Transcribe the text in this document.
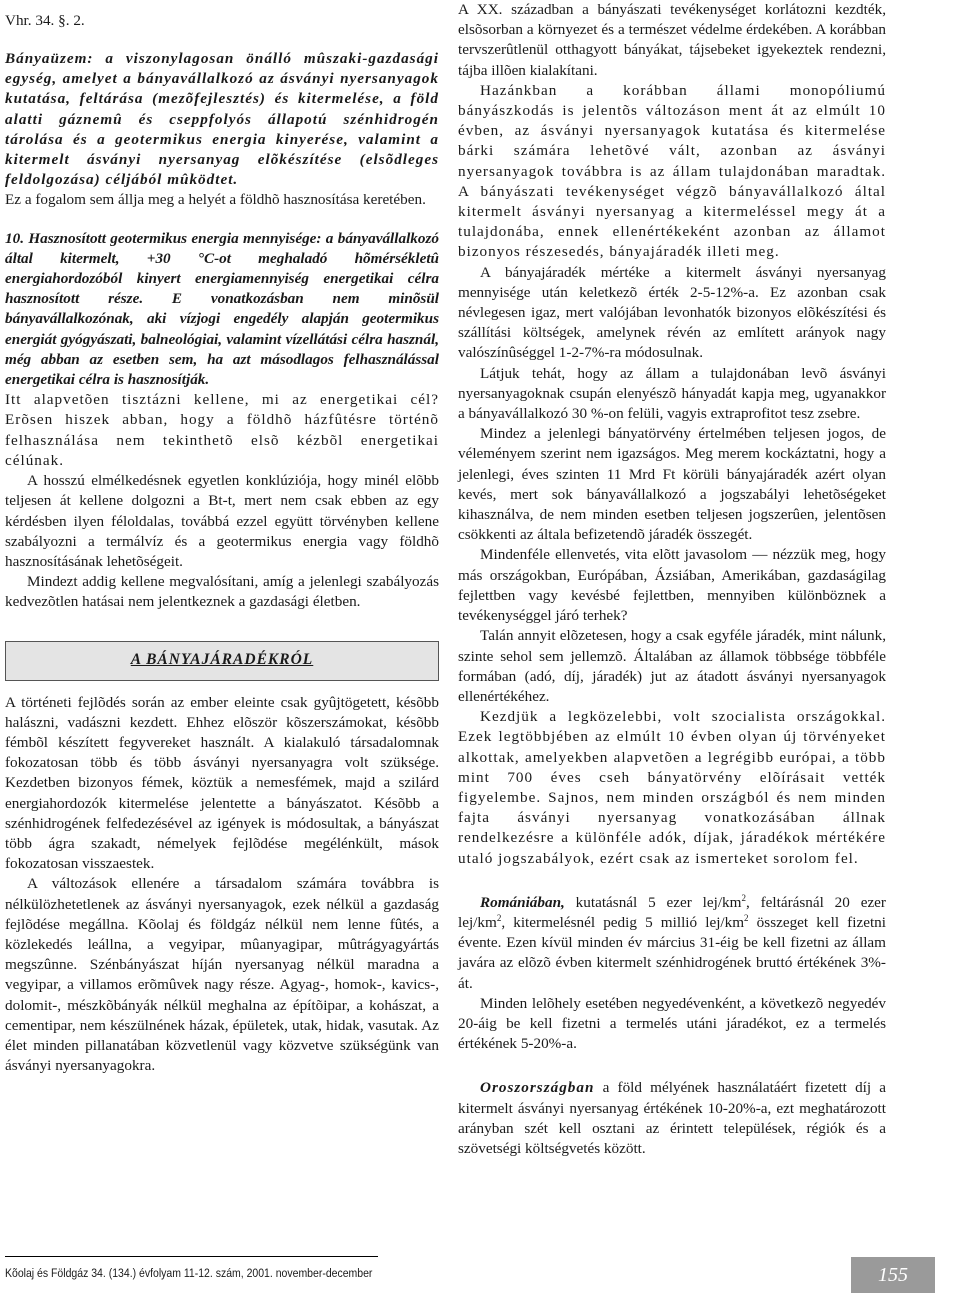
Vhr. 34. §. 2.

Bányaüzem: a viszonylagosan önálló mûszaki-gazdasági egység, amelyet a bányavállalkozó az ásványi nyersanyagok kutatása, feltárása (mezõfejlesztés) és kitermelése, a föld alatti gáznemû és cseppfolyós állapotú szénhidrogén tárolása és a geotermikus energia kinyerése, valamint a kitermelt ásványi nyersanyag elõkészítése (elsõdleges feldolgozása) céljából mûködtet.

Ez a fogalom sem állja meg a helyét a földhõ hasznosítása keretében.

10. Hasznosított geotermikus energia mennyisége: a bányavállalkozó által kitermelt, +30 °C-ot meghaladó hõmérsékletû energiahordozóból kinyert energiamennyiség energetikai célra hasznosított része. E vonatkozásban nem minõsül bányavállalkozónak, aki vízjogi engedély alapján geotermikus energiát gyógyászati, balneológiai, valamint vízellátási célra használ, még abban az esetben sem, ha azt másodlagos felhasználással energetikai célra is hasznosítják.

Itt alapvetõen tisztázni kellene, mi az energetikai cél? Erõsen hiszek abban, hogy a földhõ házfûtésre történõ felhasználása nem tekinthetõ elsõ kézbõl energetikai célúnak.

A hosszú elmélkedésnek egyetlen konklúziója, hogy minél elõbb teljesen át kellene dolgozni a Bt-t, mert nem csak ebben az egy kérdésben ilyen féloldalas, továbbá ezzel együtt törvényben kellene szabályozni a termálvíz és a geotermikus energia vagy földhõ hasznosításának lehetõségeit.

Mindezt addig kellene megvalósítani, amíg a jelenlegi szabályozás kedvezõtlen hatásai nem jelentkeznek a gazdasági életben.

A BÁNYAJÁRADÉKRÓL

A történeti fejlõdés során az ember eleinte csak gyûjtögetett, késõbb halászni, vadászni kezdett. Ehhez elõször kõszerszámokat, késõbb fémbõl készített fegyvereket használt. A kialakuló társadalomnak fokozatosan több és több ásványi nyersanyagra volt szüksége. Kezdetben bizonyos fémek, köztük a nemesfémek, majd a szilárd energiahordozók kitermelése jelentette a bányászatot. Késõbb a szénhidrogének felfedezésével az igények is módosultak, a bányászat több ágra szakadt, némelyek fejlõdése megélénkült, mások fokozatosan visszaestek.

A változások ellenére a társadalom számára továbbra is nélkülözhetetlenek az ásványi nyersanyagok, ezek nélkül a gazdaság fejlõdése megállna. Kõolaj és földgáz nélkül nem lenne fûtés, a közlekedés leállna, a vegyipar, mûanyagipar, mûtrágyagyártás megszûnne. Szénbányászat híján nyersanyag nélkül maradna a vegyipar, a villamos erõmûvek nagy része. Agyag-, homok-, kavics-, dolomit-, mészkõbányák nélkül meghalna az építõipar, a kohászat, a cementipar, nem készülnének házak, épületek, utak, hidak, vasutak. Az élet minden pillanatában közvetlenül vagy közvetve szükségünk van ásványi nyersanyagokra.

A XX. században a bányászati tevékenységet korlátozni kezdték, elsõsorban a környezet és a természet védelme érdekében. A korábban tervszerûtlenül otthagyott bányákat, tájsebeket igyekeztek rendezni, tájba illõen kialakítani.

Hazánkban a korábban állami monopóliumú bányászkodás is jelentõs változáson ment át az elmúlt 10 évben, az ásványi nyersanyagok kutatása és kitermelése bárki számára lehetõvé vált, azonban az ásványi nyersanyagok továbbra is az állam tulajdonában maradtak. A bányászati tevékenységet végzõ bányavállalkozó által kitermelt ásványi nyersanyag a kitermeléssel megy át a tulajdonába, ennek ellenértékeként azonban az államot bizonyos részesedés, bányajáradék illeti meg.

A bányajáradék mértéke a kitermelt ásványi nyersanyag mennyisége után keletkezõ érték 2-5-12%-a. Ez azonban csak névlegesen igaz, mert valójában levonhatók bizonyos elõkészítési és szállítási költségek, amelynek révén az említett arányok nagy valószínûséggel 1-2-7%-ra módosulnak.

Látjuk tehát, hogy az állam a tulajdonában levõ ásványi nyersanyagoknak csupán elenyészõ hányadát kapja meg, ugyanakkor a bányavállalkozó 30 %-on felüli, vagyis extraprofitot tesz zsebre.

Mindez a jelenlegi bányatörvény értelmében teljesen jogos, de véleményem szerint nem igazságos. Meg merem kockáztatni, hogy a jelenlegi, éves szinten 11 Mrd Ft körüli bányajáradék azért olyan kevés, mert sok bányavállalkozó a jogszabályi lehetõségeket kihasználva, de nem minden esetben teljesen jogszerûen, jelentõsen csökkenti az általa befizetendõ járadék összegét.

Mindenféle ellenvetés, vita elõtt javasolom — nézzük meg, hogy más országokban, Európában, Ázsiában, Amerikában, gazdaságilag fejlettben vagy kevésbé fejlettben, mennyiben különböznek a tevékenységgel járó terhek?

Talán annyit elõzetesen, hogy a csak egyféle járadék, mint nálunk, szinte sehol sem jellemzõ. Általában az államok többsége többféle formában (adó, díj, járadék) jut az átadott ásványi nyersanyagok ellenértékéhez.

Kezdjük a legközelebbi, volt szocialista országokkal. Ezek legtöbbjében az elmúlt 10 évben olyan új törvényeket alkottak, amelyekben alapvetõen a legrégibb európai, a több mint 700 éves cseh bányatörvény elõírásait vették figyelembe. Sajnos, nem minden országból és nem minden fajta ásványi nyersanyag vonatkozásában állnak rendelkezésre a különféle adók, díjak, járadékok mértékére utaló jogszabályok, ezért csak az ismerteket sorolom fel.

Romániában, kutatásnál 5 ezer lej/$km^2$, feltárásnál 20 ezer lej/$km^2$, kitermelésnél pedig 5 millió lej/$km^2$ összeget kell fizetni évente. Ezen kívül minden év március 31-éig be kell fizetni az állam javára az elõzõ évben kitermelt szénhidrogének bruttó értékének 3%-át.

Minden lelõhely esetében negyedévenként, a következõ negyedév 20-áig be kell fizetni a termelés utáni járadékot, ez a termelés értékének 5-20%-a.

Oroszországban a föld mélyének használatáért fizetett díj a kitermelt ásványi nyersanyag értékének 10-20%-a, ezt meghatározott arányban szét kell osztani az érintett települések, régiók és a szövetségi költségvetés között.

Kõolaj és Földgáz 34. (134.) évfolyam 11-12. szám, 2001. november-december	155
